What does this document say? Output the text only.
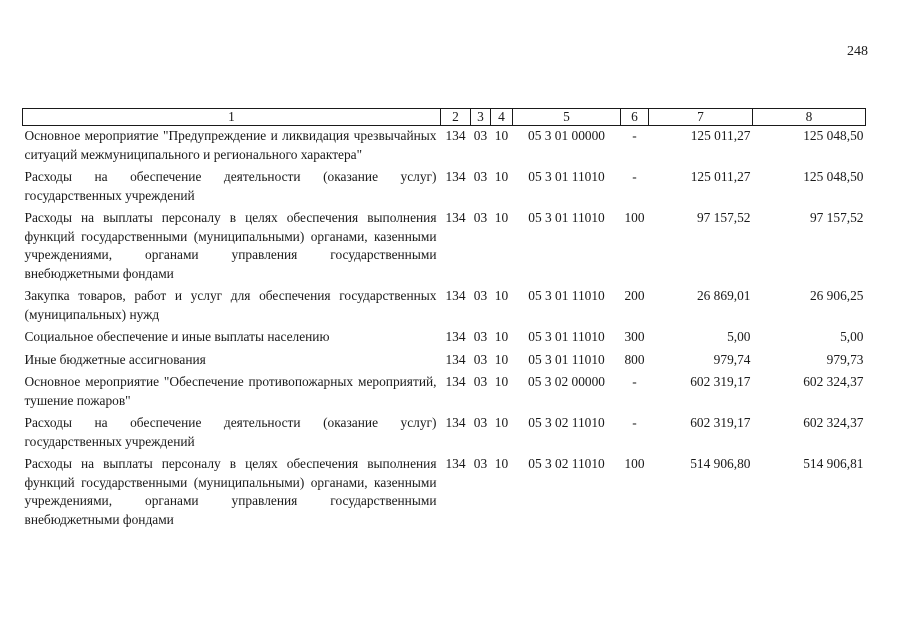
248
1	2	3	4	5	6	7	8
Основное мероприятие "Предупреждение и ликвидация чрезвычайных ситуаций межмуниципального и регионального характера"	134	03	10	05 3 01 00000	-	125 011,27	125 048,50
Расходы на обеспечение деятельности (оказание услуг) государственных учреждений	134	03	10	05 3 01 11010	-	125 011,27	125 048,50
Расходы на выплаты персоналу в целях обеспечения выполнения функций государственными (муниципальными) органами, казенными учреждениями, органами управления государственными внебюджетными фондами	134	03	10	05 3 01 11010	100	97 157,52	97 157,52
Закупка товаров, работ и услуг для обеспечения государственных (муниципальных) нужд	134	03	10	05 3 01 11010	200	26 869,01	26 906,25
Социальное обеспечение и иные выплаты населению	134	03	10	05 3 01 11010	300	5,00	5,00
Иные бюджетные ассигнования	134	03	10	05 3 01 11010	800	979,74	979,73
Основное мероприятие "Обеспечение противопожарных мероприятий, тушение пожаров"	134	03	10	05 3 02 00000	-	602 319,17	602 324,37
Расходы на обеспечение деятельности (оказание услуг) государственных учреждений	134	03	10	05 3 02 11010	-	602 319,17	602 324,37
Расходы на выплаты персоналу в целях обеспечения выполнения функций государственными (муниципальными) органами, казенными учреждениями, органами управления государственными внебюджетными фондами	134	03	10	05 3 02 11010	100	514 906,80	514 906,81
